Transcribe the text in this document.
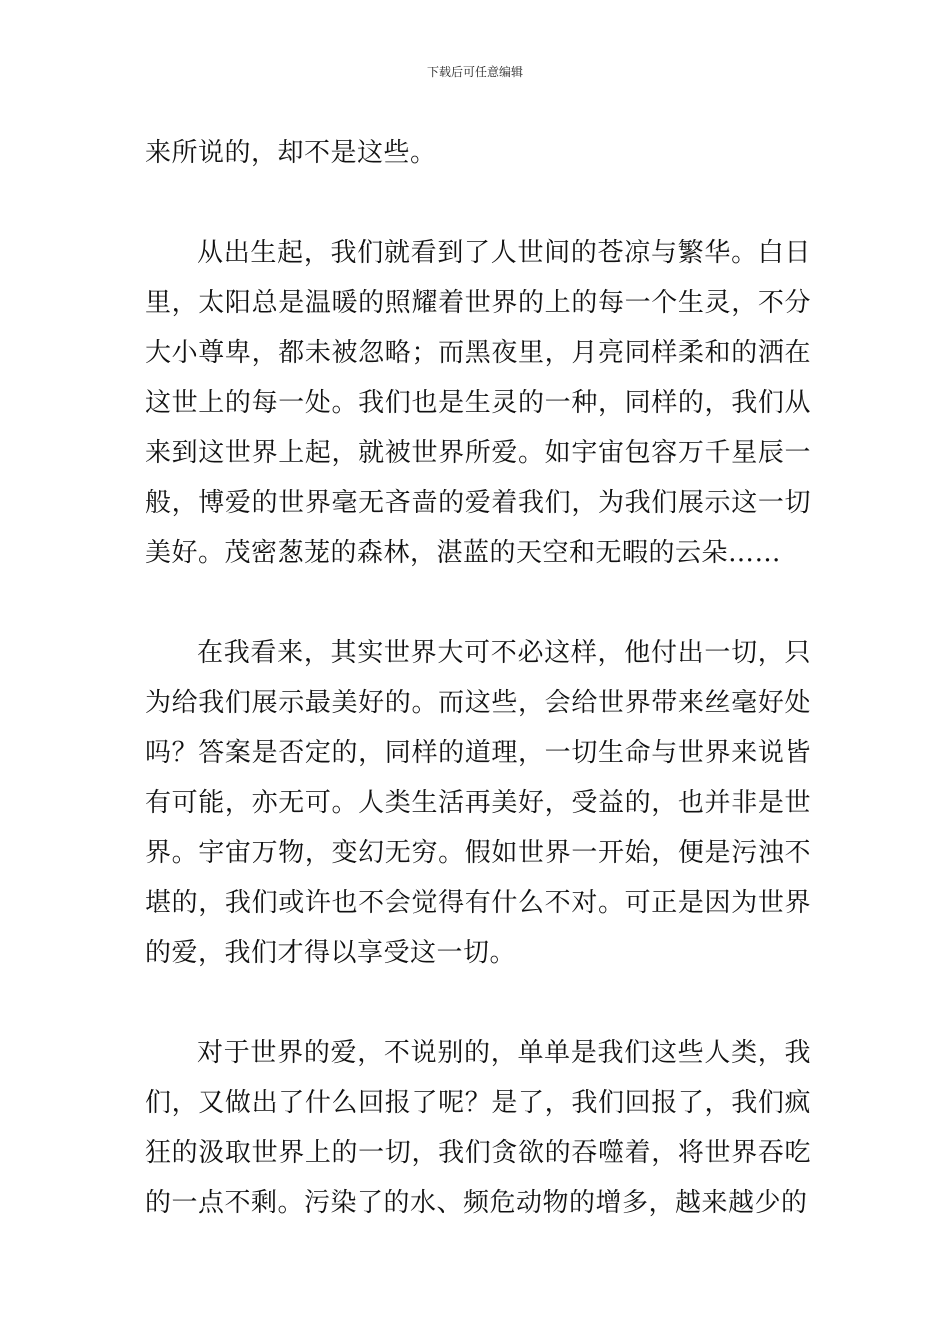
下载后可任意编辑

来所说的，却不是这些。

从出生起，我们就看到了人世间的苍凉与繁华。白日里，太阳总是温暖的照耀着世界的上的每一个生灵，不分大小尊卑，都未被忽略；而黑夜里，月亮同样柔和的洒在这世上的每一处。我们也是生灵的一种，同样的，我们从来到这世界上起，就被世界所爱。如宇宙包容万千星辰一般，博爱的世界毫无吝啬的爱着我们，为我们展示这一切美好。茂密葱茏的森林，湛蓝的天空和无暇的云朵……

在我看来，其实世界大可不必这样，他付出一切，只为给我们展示最美好的。而这些，会给世界带来丝毫好处吗？答案是否定的，同样的道理，一切生命与世界来说皆有可能，亦无可。人类生活再美好，受益的，也并非是世界。宇宙万物，变幻无穷。假如世界一开始，便是污浊不堪的，我们或许也不会觉得有什么不对。可正是因为世界的爱，我们才得以享受这一切。

对于世界的爱，不说别的，单单是我们这些人类，我们，又做出了什么回报了呢？是了，我们回报了，我们疯狂的汲取世界上的一切，我们贪欲的吞噬着，将世界吞吃的一点不剩。污染了的水、频危动物的增多，越来越少的
